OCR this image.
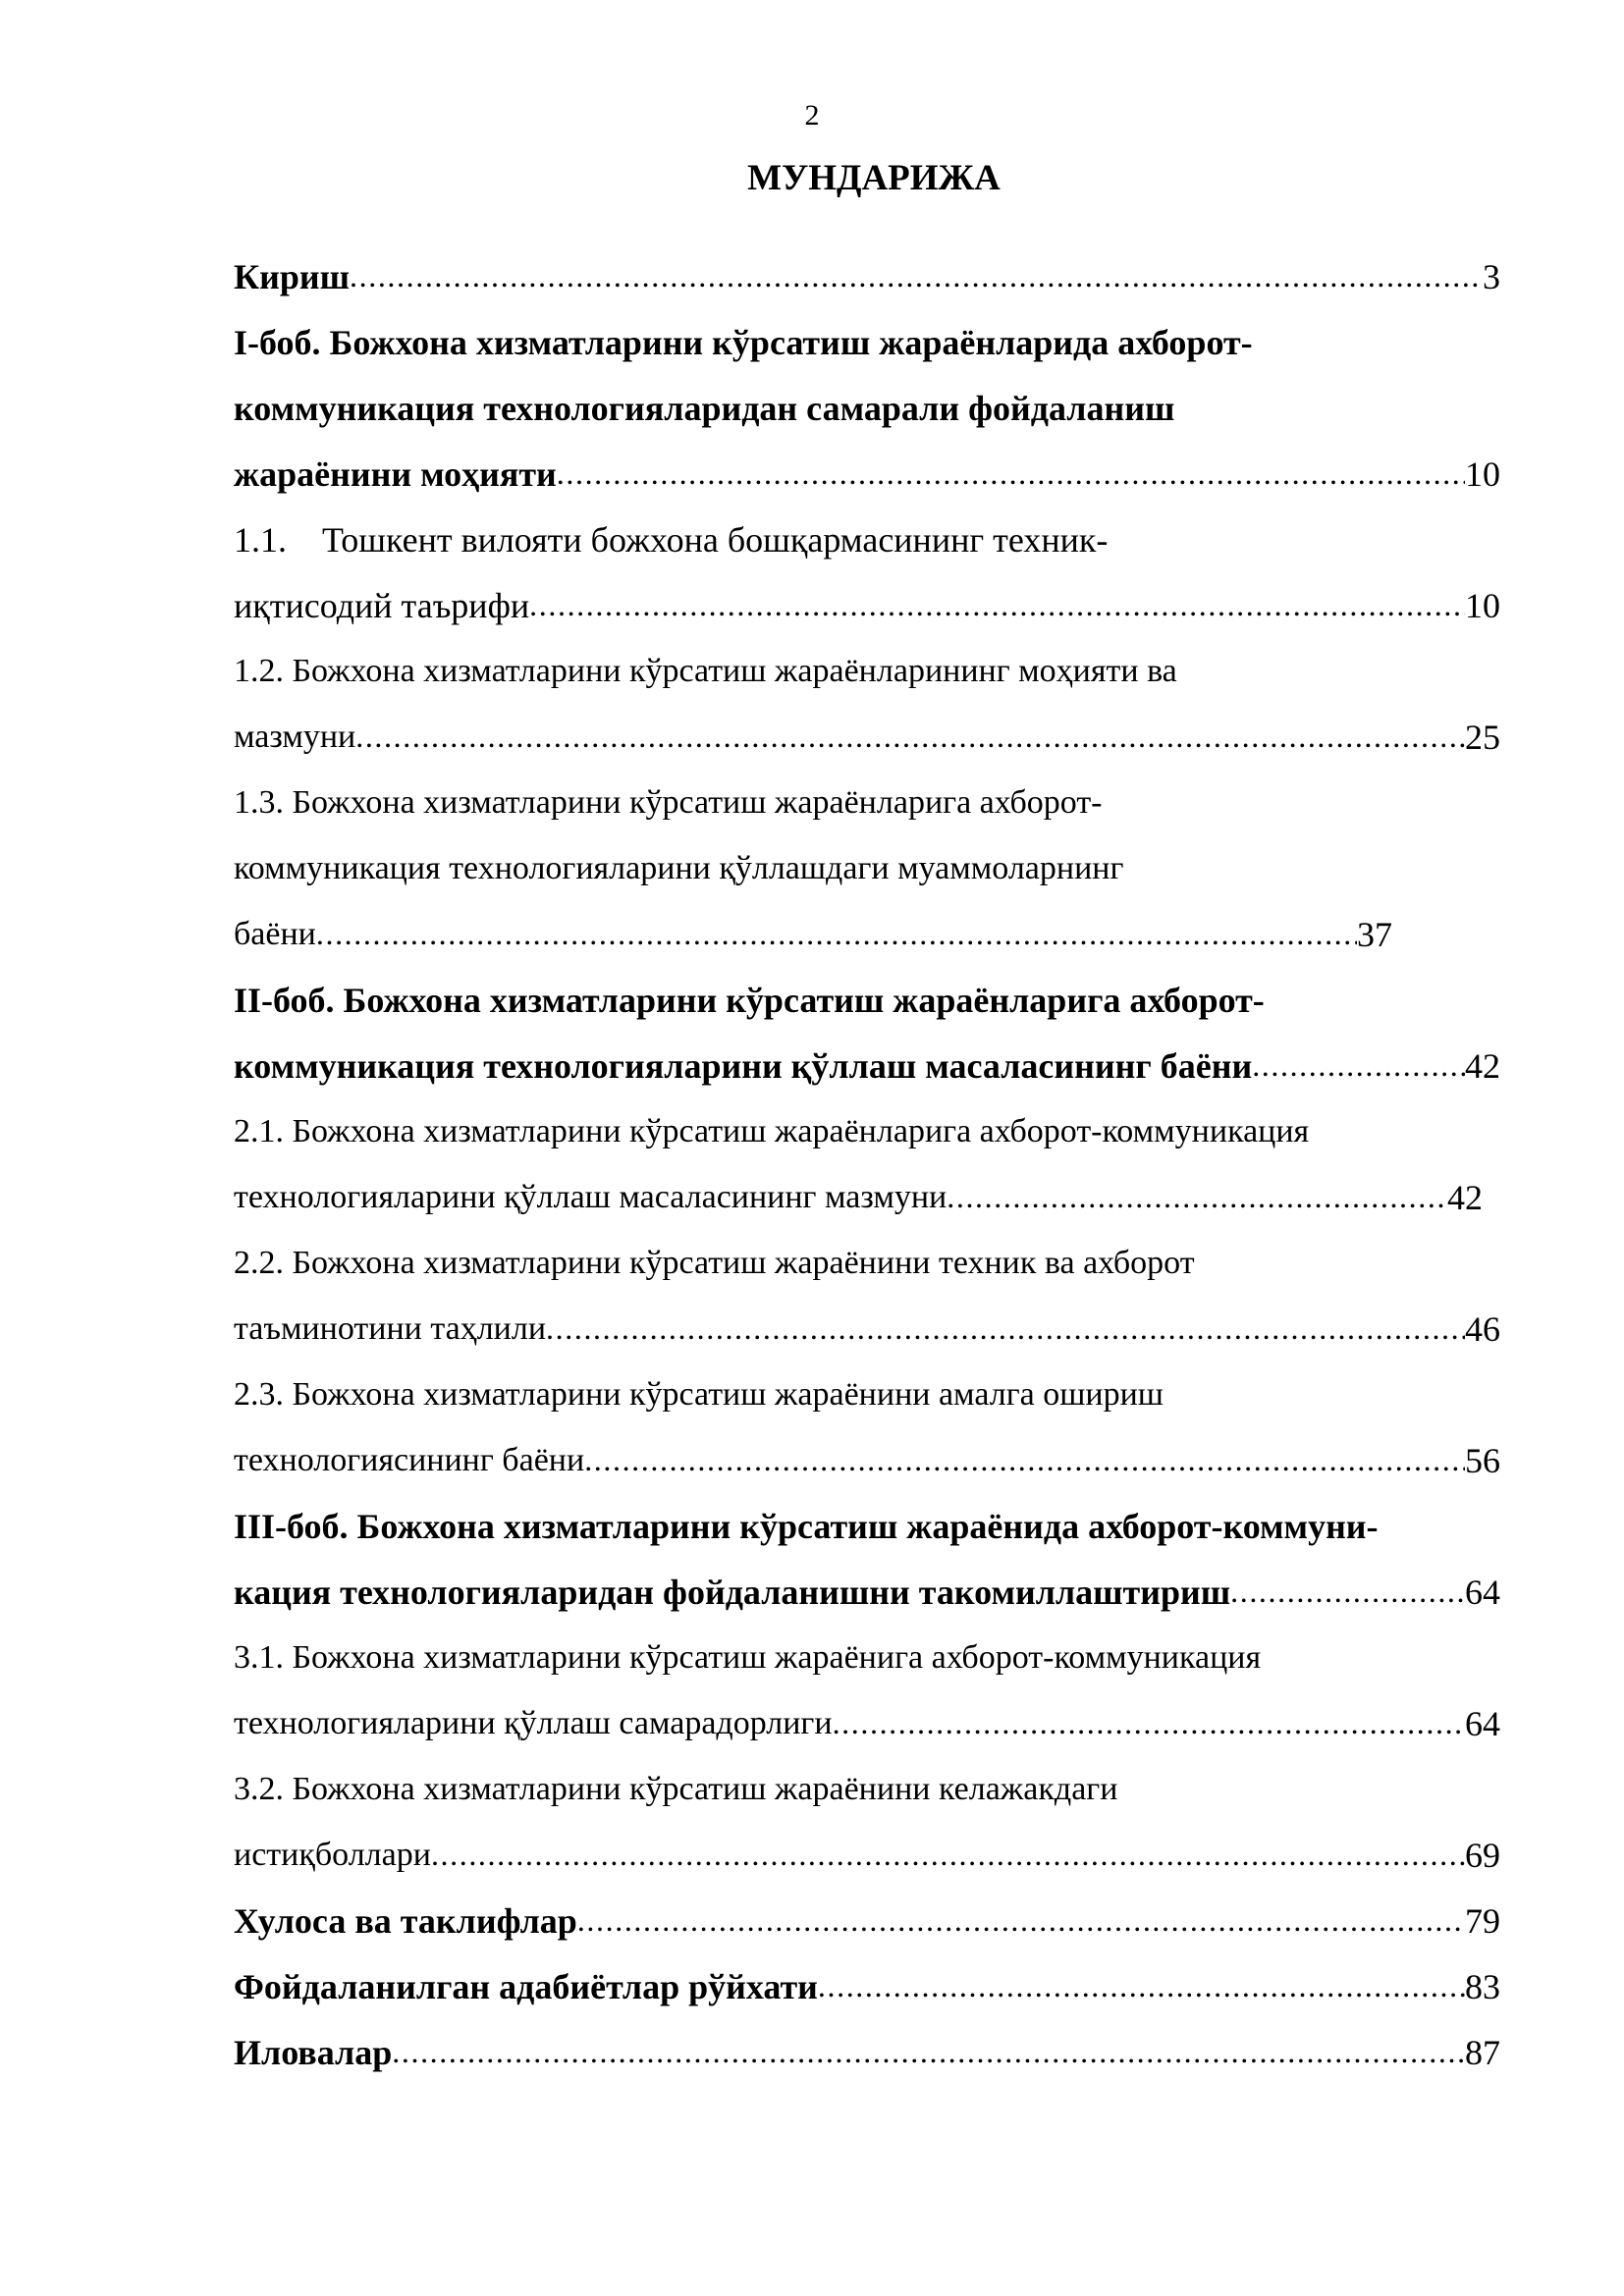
2
МУНДАРИЖА
Кириш .....	3
I-боб. Божхона хизматларини кўрсатиш жараёнларида ахборот-
коммуникация технологияларидан самарали фойдаланиш
жараёнини моҳияти .....	10
1.1.	Тошкент вилояти божхона бошқармасининг техник-
иқтисодий таърифи .....	10
1.2. Божхона хизматларини кўрсатиш жараёнларининг моҳияти ва
мазмуни .....	25
1.3. Божхона хизматларини кўрсатиш жараёнларига ахборот-
коммуникация технологияларини қўллашдаги муаммоларнинг
баёни .....	37
II-боб. Божхона хизматларини кўрсатиш жараёнларига ахборот-
коммуникация технологияларини қўллаш масаласининг баёни .....	42
2.1. Божхона хизматларини кўрсатиш жараёнларига ахборот-коммуникация
технологияларини қўллаш масаласининг мазмуни .....	42
2.2. Божхона хизматларини кўрсатиш жараёнини техник ва ахборот
таъминотини таҳлили .....	46
2.3. Божхона хизматларини кўрсатиш жараёнини амалга ошириш
технологиясининг баёни .....	56
III-боб. Божхона хизматларини кўрсатиш жараёнида ахборот-коммуни-
кация технологияларидан фойдаланишни такомиллаштириш .....	64
3.1. Божхона хизматларини кўрсатиш жараёнига ахборот-коммуникация
технологияларини қўллаш самарадорлиги .....	64
3.2. Божхона хизматларини кўрсатиш жараёнини келажакдаги
истиқболлари .....	69
Хулоса ва таклифлар .....	79
Фойдаланилган адабиётлар рўйхати .....	83
Иловалар .....	87
